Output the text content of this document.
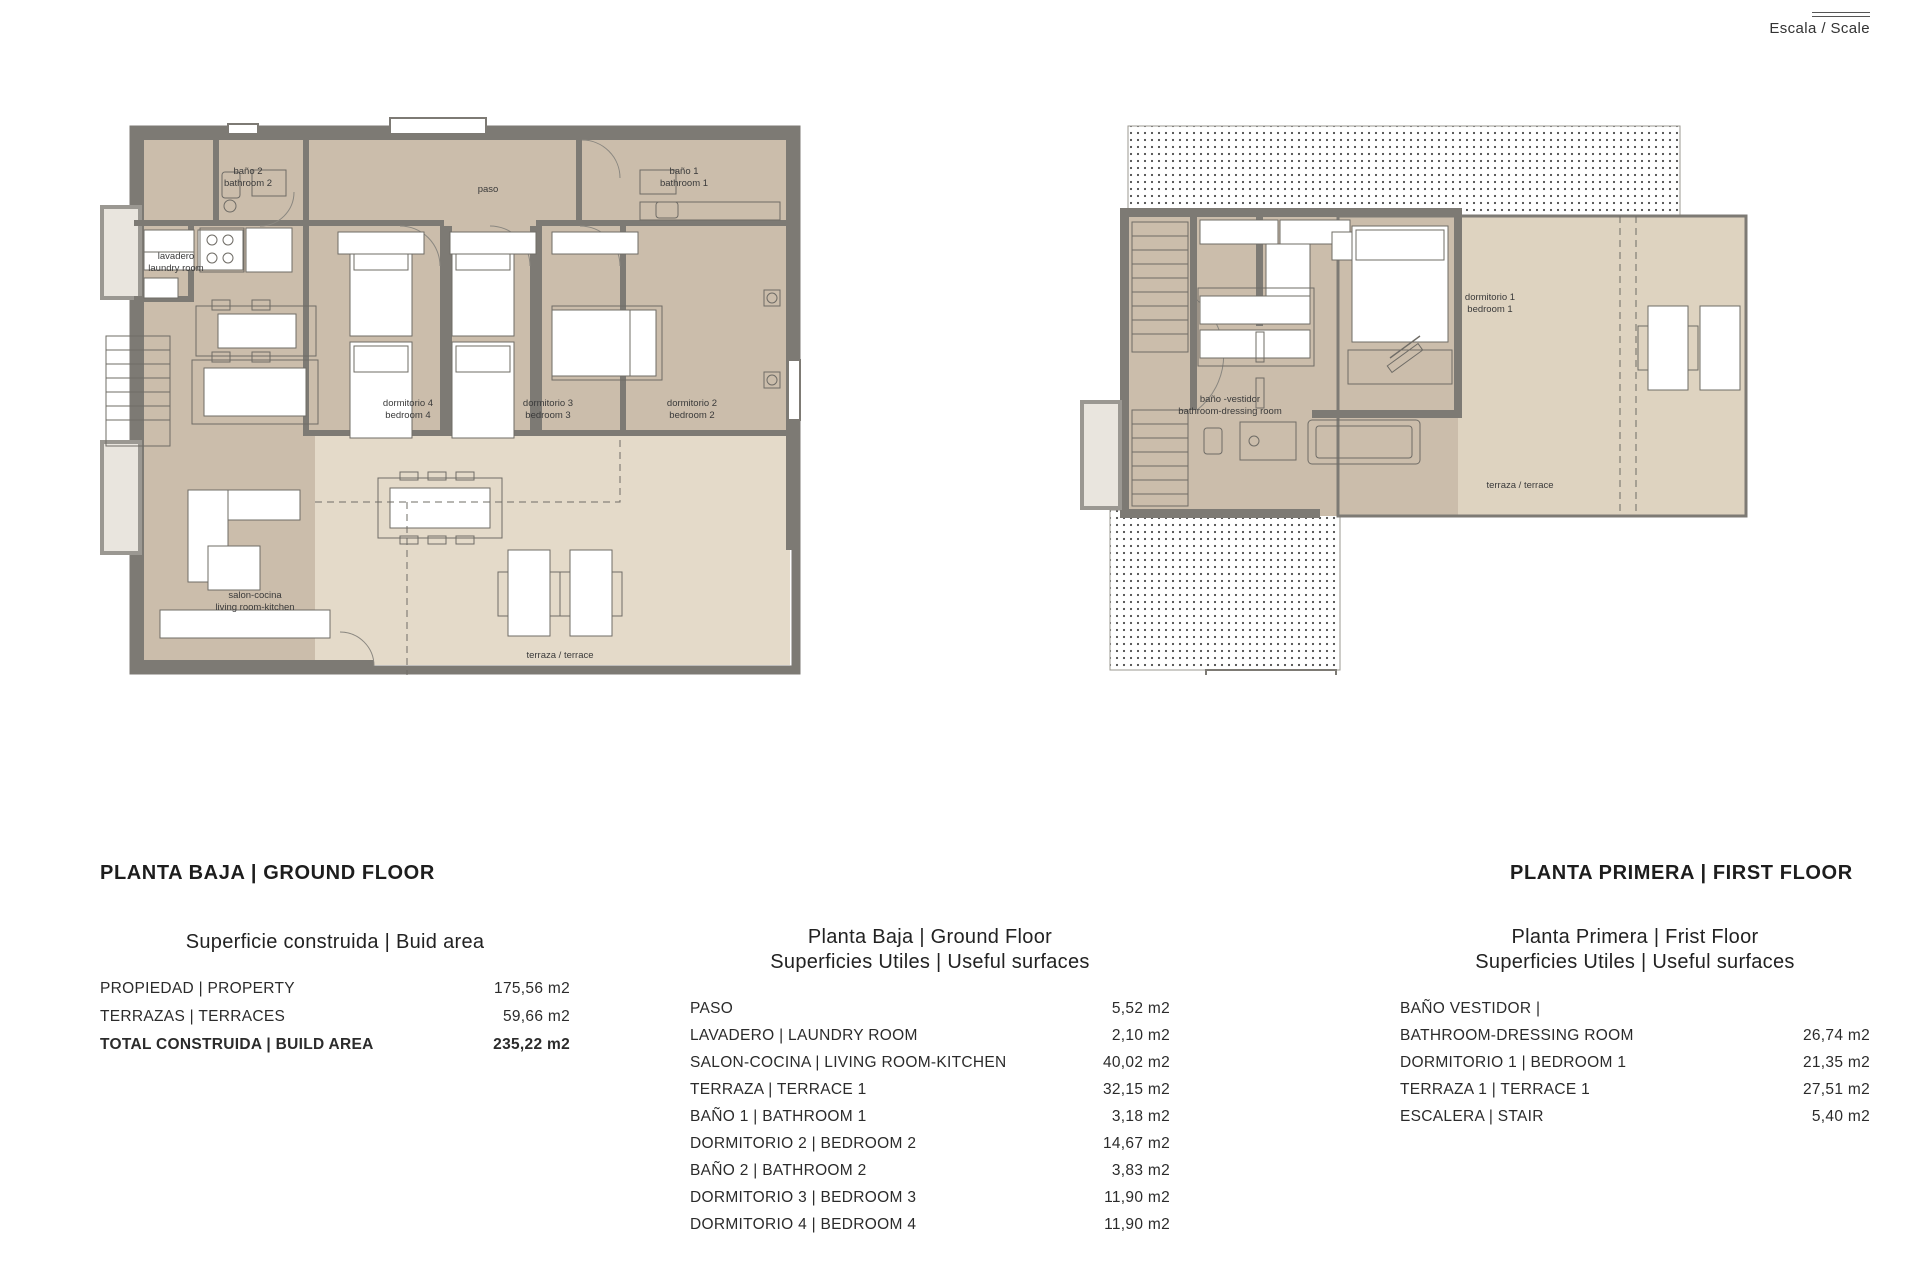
Escala / Scale
baño 2
bathroom 2
paso
baño 1
bathroom 1
lavadero
laundry room
dormitorio 4
bedroom 4
dormitorio 3
bedroom 3
dormitorio 2
bedroom 2
salon-cocina
living room-kitchen
terraza / terrace
dormitorio 1
bedroom 1
baño -vestidor
bathroom-dressing room
terraza / terrace
PLANTA BAJA | GROUND FLOOR	PLANTA PRIMERA | FIRST FLOOR
Superficie construida | Buid area
PROPIEDAD | PROPERTY	175,56 m2
TERRAZAS | TERRACES	59,66 m2
TOTAL CONSTRUIDA | BUILD AREA	235,22 m2
Planta Baja | Ground Floor
Superficies Utiles | Useful surfaces
PASO	5,52 m2
LAVADERO | LAUNDRY ROOM	2,10 m2
SALON-COCINA | LIVING ROOM-KITCHEN	40,02 m2
TERRAZA | TERRACE 1	32,15 m2
BAÑO 1 | BATHROOM 1	3,18 m2
DORMITORIO 2 | BEDROOM 2	14,67 m2
BAÑO 2 | BATHROOM 2	3,83 m2
DORMITORIO 3 | BEDROOM 3	11,90 m2
DORMITORIO 4 | BEDROOM 4	11,90 m2
Planta Primera | Frist Floor
Superficies Utiles | Useful surfaces
BAÑO VESTIDOR |
BATHROOM-DRESSING ROOM	26,74 m2
DORMITORIO 1 | BEDROOM 1	21,35 m2
TERRAZA 1 | TERRACE 1	27,51 m2
ESCALERA | STAIR	5,40 m2
